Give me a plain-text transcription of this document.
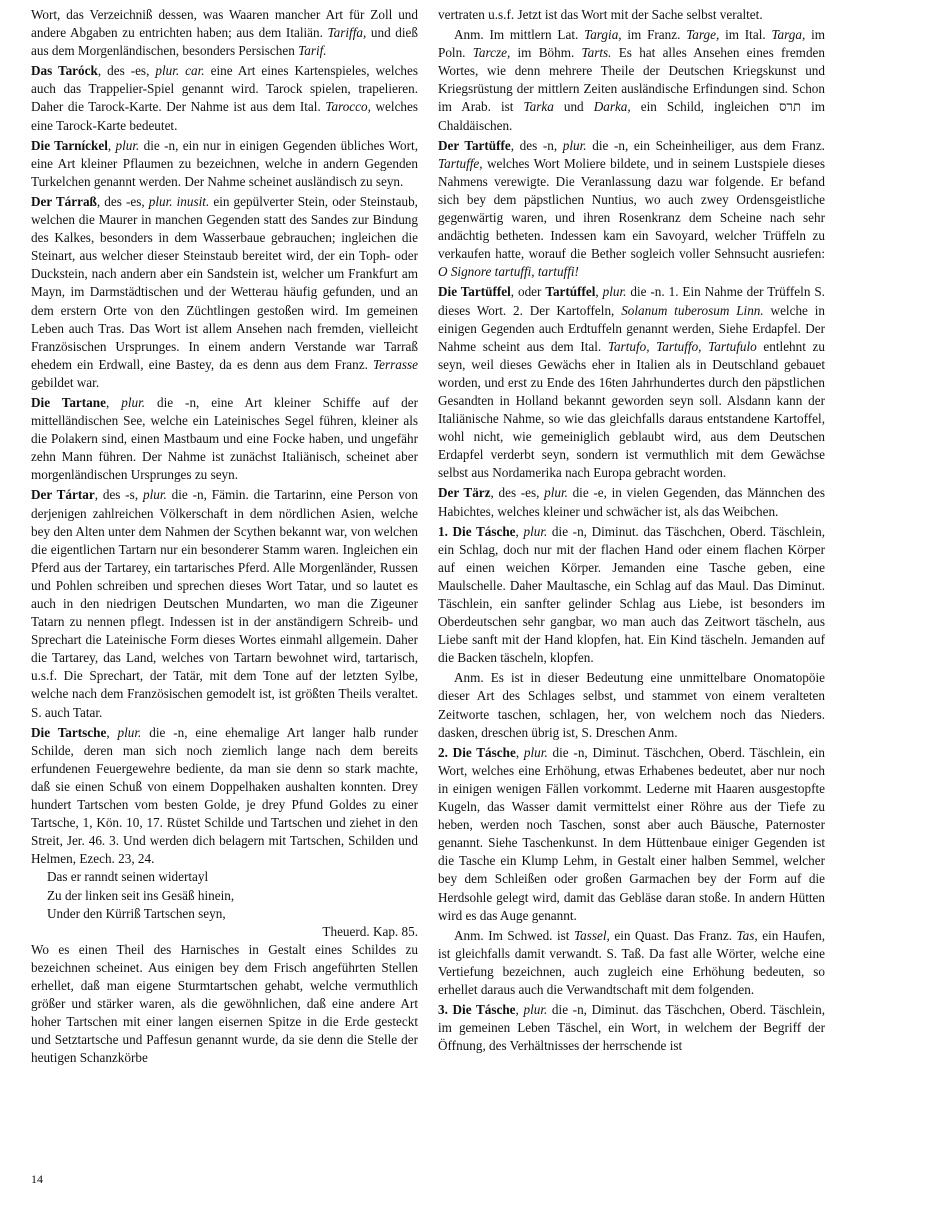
Wort, das Verzeichniß dessen, was Waaren mancher Art für Zoll und andere Abgaben zu entrichten haben; aus dem Italiän. Tariffa, und dieß aus dem Morgenländischen, besonders Persischen Tarif.

Das Taróck, des -es, plur. car. eine Art eines Kartenspieles, welches auch das Trappelier-Spiel genannt wird. Tarock spielen, trapelieren. Daher die Tarock-Karte. Der Nahme ist aus dem Ital. Tarocco, welches eine Tarock-Karte bedeutet.

Die Tarníckel, plur. die -n, ein nur in einigen Gegenden übliches Wort, eine Art kleiner Pflaumen zu bezeichnen, welche in andern Gegenden Turkelchen genannt werden. Der Nahme scheinet ausländisch zu seyn.

Der Tárraß, des -es, plur. inusit. ein gepülverter Stein, oder Steinstaub, welchen die Maurer in manchen Gegenden statt des Sandes zur Bindung des Kalkes, besonders in dem Wasserbaue gebrauchen; ingleichen die Steinart, aus welcher dieser Steinstaub bereitet wird, der ein Toph- oder Duckstein, nach andern aber ein Sandstein ist, welcher um Frankfurt am Mayn, im Darmstädtischen und der Wetterau häufig gefunden, und an dem erstern Orte von den Züchtlingen gestoßen wird. Im gemeinen Leben auch Tras. Das Wort ist allem Ansehen nach fremden, vielleicht Französischen Ursprunges. In einem andern Verstande war Tarraß ehedem ein Erdwall, eine Bastey, da es denn aus dem Franz. Terrasse gebildet war.

Die Tartane, plur. die -n, eine Art kleiner Schiffe auf der mittelländischen See, welche ein Lateinisches Segel führen, kleiner als die Polakern sind, einen Mastbaum und eine Focke haben, und ungefähr zehn Mann führen. Der Nahme ist zunächst Italiänisch, scheinet aber morgenländischen Ursprunges zu seyn.

Der Tártar, des -s, plur. die -n, Fämin. die Tartarinn, eine Person von derjenigen zahlreichen Völkerschaft in dem nördlichen Asien, welche bey den Alten unter dem Nahmen der Scythen bekannt war, von welchen die eigentlichen Tartarn nur ein besonderer Stamm waren. Ingleichen ein Pferd aus der Tartarey, ein tartarisches Pferd. Alle Morgenländer, Russen und Pohlen schreiben und sprechen dieses Wort Tatar, und so lautet es auch in den niedrigen Deutschen Mundarten, wo man die Zigeuner Tatarn zu nennen pflegt. Indessen ist in der anständigern Schreib- und Sprechart die Lateinische Form dieses Wortes einmahl allgemein. Daher die Tartarey, das Land, welches von Tartarn bewohnet wird, tartarisch, u.s.f. Die Sprechart, der Tatär, mit dem Tone auf der letzten Sylbe, welche nach dem Französischen gemodelt ist, ist größten Theils veraltet. S. auch Tatar.

Die Tartsche, plur. die -n, eine ehemalige Art langer halb runder Schilde, deren man sich noch ziemlich lange nach dem bereits erfundenen Feuergewehre bediente, da man sie denn so stark machte, daß sie einen Schuß von einem Doppelhaken aushalten konnten. Drey hundert Tartschen vom besten Golde, je drey Pfund Goldes zu einer Tartsche, 1, Kön. 10, 17. Rüstet Schilde und Tartschen und ziehet in den Streit, Jer. 46. 3. Und werden dich belagern mit Tartschen, Schilden und Helmen, Ezech. 23, 24.

Das er ranndt seinen widertayl

Zu der linken seit ins Gesäß hinein,

Under den Kürriß Tartschen seyn,

Theuerd. Kap. 85.

Wo es einen Theil des Harnisches in Gestalt eines Schildes zu bezeichnen scheinet. Aus einigen bey dem Frisch angeführten Stellen erhellet, daß man eigene Sturmtartschen gehabt, welche vermuthlich größer und stärker waren, als die gewöhnlichen, daß eine andere Art hoher Tartschen mit einer langen eisernen Spitze in die Erde gesteckt und Setztartsche und Paffesun genannt wurde, da sie denn die Stelle der heutigen Schanzkörbe

vertraten u.s.f. Jetzt ist das Wort mit der Sache selbst veraltet.

Anm. Im mittlern Lat. Targia, im Franz. Targe, im Ital. Targa, im Poln. Tarcze, im Böhm. Tarts. Es hat alles Ansehen eines fremden Wortes, wie denn mehrere Theile der Deutschen Kriegskunst und Kriegsrüstung der mittlern Zeiten ausländische Erfindungen sind. Schon im Arab. ist Tarka und Darka, ein Schild, ingleichen תרס im Chaldäischen.

Der Tartüffe, des -n, plur. die -n, ein Scheinheiliger, aus dem Franz. Tartuffe, welches Wort Moliere bildete, und in seinem Lustspiele dieses Nahmens verewigte. Die Veranlassung dazu war folgende. Er befand sich bey dem päpstlichen Nuntius, wo auch zwey Ordensgeistliche gegenwärtig waren, und ihren Rosenkranz dem Scheine nach sehr andächtig betheten. Indessen kam ein Savoyard, welcher Trüffeln zu verkaufen hatte, worauf die Bether sogleich voller Sehnsucht ausriefen: O Signore tartuffi, tartuffi!

Die Tartüffel, oder Tartúffel, plur. die -n. 1. Ein Nahme der Trüffeln S. dieses Wort. 2. Der Kartoffeln, Solanum tuberosum Linn. welche in einigen Gegenden auch Erdtuffeln genannt werden, Siehe Erdapfel. Der Nahme scheint aus dem Ital. Tartufo, Tartuffo, Tartufulo entlehnt zu seyn, weil dieses Gewächs eher in Italien als in Deutschland gebauet worden, und erst zu Ende des 16ten Jahrhundertes durch den päpstlichen Gesandten in Holland bekannt geworden seyn soll. Alsdann kann der Italiänische Nahme, so wie das gleichfalls daraus entstandene Kartoffel, wohl nicht, wie gemeiniglich geblaubt wird, aus dem Deutschen Erdapfel verderbt seyn, sondern ist vermuthlich mit dem Gewächse selbst aus Nordamerika nach Europa gebracht worden.

Der Tärz, des -es, plur. die -e, in vielen Gegenden, das Männchen des Habichtes, welches kleiner und schwächer ist, als das Weibchen.

1. Die Tásche, plur. die -n, Diminut. das Täschchen, Oberd. Täschlein, ein Schlag, doch nur mit der flachen Hand oder einem flachen Körper auf einen weichen Körper. Jemanden eine Tasche geben, eine Maulschelle. Daher Maultasche, ein Schlag auf das Maul. Das Diminut. Täschlein, ein sanfter gelinder Schlag aus Liebe, ist besonders im Oberdeutschen sehr gangbar, wo man auch das Zeitwort täscheln, aus Liebe sanft mit der Hand klopfen, hat. Ein Kind täscheln. Jemanden auf die Backen täscheln, klopfen.

Anm. Es ist in dieser Bedeutung eine unmittelbare Onomatopöie dieser Art des Schlages selbst, und stammet von einem veralteten Zeitworte taschen, schlagen, her, von welchem noch das Nieders. dasken, dreschen übrig ist, S. Dreschen Anm.

2. Die Tásche, plur. die -n, Diminut. Täschchen, Oberd. Täschlein, ein Wort, welches eine Erhöhung, etwas Erhabenes bedeutet, aber nur noch in einigen wenigen Fällen vorkommt. Lederne mit Haaren ausgestopfte Kugeln, das Wasser damit vermittelst einer Röhre aus der Tiefe zu heben, werden noch Taschen, sonst aber auch Bäusche, Paternoster genannt. Siehe Taschenkunst. In dem Hüttenbaue einiger Gegenden ist die Tasche ein Klump Lehm, in Gestalt einer halben Semmel, welcher bey dem Schleißen oder großen Garmachen bey der Form auf die Herdsohle gelegt wird, damit das Gebläse daran stoße. In andern Hütten wird es das Auge genannt.

Anm. Im Schwed. ist Tassel, ein Quast. Das Franz. Tas, ein Haufen, ist gleichfalls damit verwandt. S. Taß. Da fast alle Wörter, welche eine Vertiefung bezeichnen, auch zugleich eine Erhöhung bedeuten, so erhellet daraus auch die Verwandtschaft mit dem folgenden.

3. Die Tásche, plur. die -n, Diminut. das Täschchen, Oberd. Täschlein, im gemeinen Leben Täschel, ein Wort, in welchem der Begriff der Öffnung, des Verhältnisses der herrschende ist

14
